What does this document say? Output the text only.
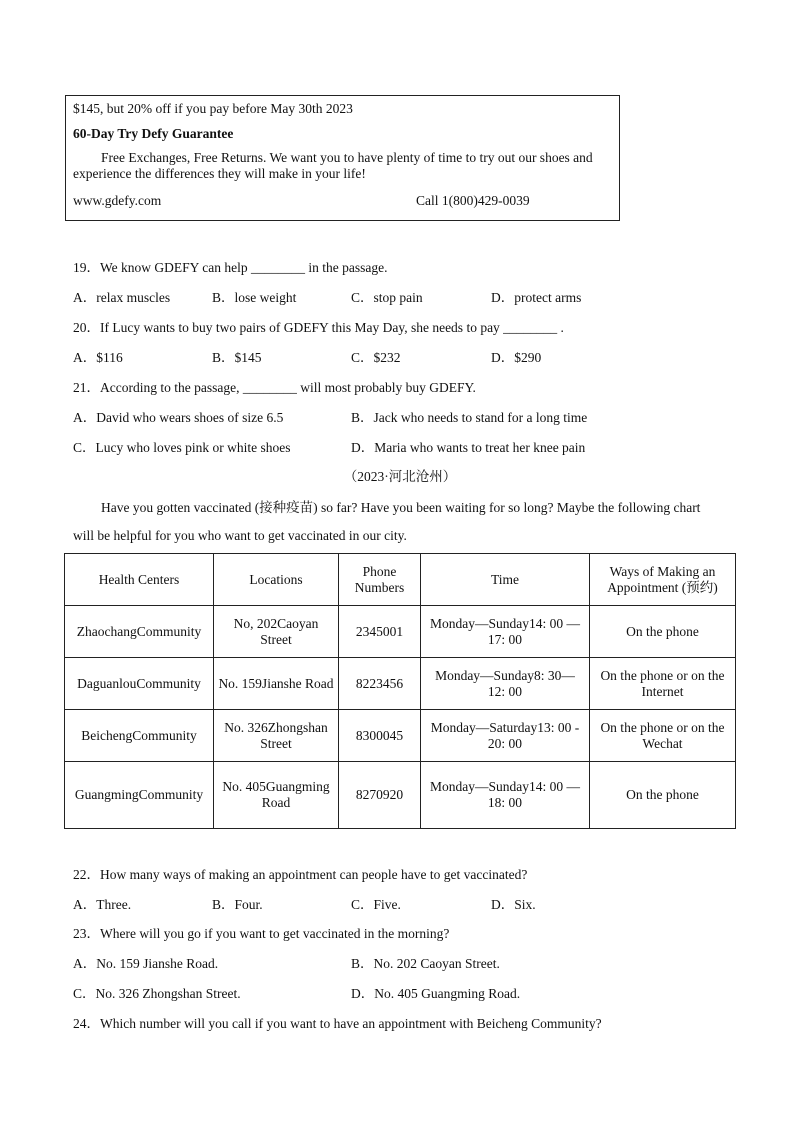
$145, but 20% off if you pay before May 30th 2023
60-Day Try Defy Guarantee
Free Exchanges, Free Returns. We want you to have plenty of time to try out our shoes and experience the differences they will make in your life!
www.gdefy.com	Call 1(800)429-0039
19．We know GDEFY can help ________ in the passage.
A．relax muscles	B．lose weight	C．stop pain	D．protect arms
20．If Lucy wants to buy two pairs of GDEFY this May Day, she needs to pay ________ .
A．$116	B．$145	C．$232	D．$290
21．According to the passage, ________ will most probably buy GDEFY.
A．David who wears shoes of size 6.5	B．Jack who needs to stand for a long time
C．Lucy who loves pink or white shoes	D．Maria who wants to treat her knee pain
（2023·河北沧州）
Have you gotten vaccinated (接种疫苗) so far? Have you been waiting for so long? Maybe the following chart
will be helpful for you who want to get vaccinated in our city.
Health Centers	Locations	Phone Numbers	Time	Ways of Making an Appointment (预约)
ZhaochangCommunity	No, 202Caoyan Street	2345001	Monday—Sunday14: 00 —17: 00	On the phone
DaguanlouCommunity	No. 159Jianshe Road	8223456	Monday—Sunday8: 30— 12: 00	On the phone or on the Internet
BeichengCommunity	No. 326Zhongshan Street	8300045	Monday—Saturday13: 00 - 20: 00	On the phone or on the Wechat
GuangmingCommunity	No. 405Guangming Road	8270920	Monday—Sunday14: 00 —18: 00	On the phone
22．How many ways of making an appointment can people have to get vaccinated?
A．Three.	B．Four.	C．Five.	D．Six.
23．Where will you go if you want to get vaccinated in the morning?
A．No. 159 Jianshe Road.	B．No. 202 Caoyan Street.
C．No. 326 Zhongshan Street.	D．No. 405 Guangming Road.
24．Which number will you call if you want to have an appointment with Beicheng Community?
